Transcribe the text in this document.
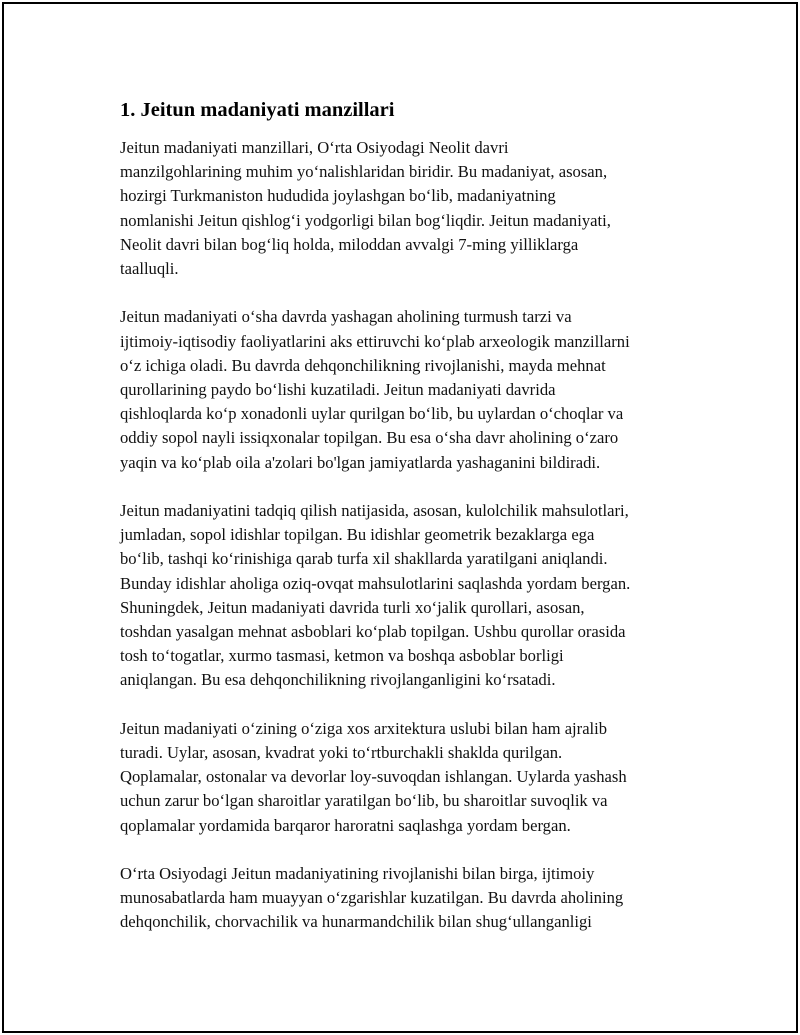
1. Jeitun madaniyati manzillari

Jeitun madaniyati manzillari, Oʻrta Osiyodagi Neolit davri
manzilgohlarining muhim yoʻnalishlaridan biridir. Bu madaniyat, asosan,
hozirgi Turkmaniston hududida joylashgan boʻlib, madaniyatning
nomlanishi Jeitun qishlogʻi yodgorligi bilan bogʻliqdir. Jeitun madaniyati,
Neolit davri bilan bogʻliq holda, miloddan avvalgi 7-ming yilliklarga
taalluqli.

Jeitun madaniyati oʻsha davrda yashagan aholining turmush tarzi va
ijtimoiy-iqtisodiy faoliyatlarini aks ettiruvchi koʻplab arxeologik manzillarni
oʻz ichiga oladi. Bu davrda dehqonchilikning rivojlanishi, mayda mehnat
qurollarining paydo boʻlishi kuzatiladi. Jeitun madaniyati davrida
qishloqlarda koʻp xonadonli uylar qurilgan boʻlib, bu uylardan oʻchoqlar va
oddiy sopol nayli issiqxonalar topilgan. Bu esa oʻsha davr aholining oʻzaro
yaqin va koʻplab oila a'zolari bo'lgan jamiyatlarda yashaganini bildiradi.

Jeitun madaniyatini tadqiq qilish natijasida, asosan, kulolchilik mahsulotlari,
jumladan, sopol idishlar topilgan. Bu idishlar geometrik bezaklarga ega
boʻlib, tashqi koʻrinishiga qarab turfa xil shakllarda yaratilgani aniqlandi.
Bunday idishlar aholiga oziq-ovqat mahsulotlarini saqlashda yordam bergan.
Shuningdek, Jeitun madaniyati davrida turli xoʻjalik qurollari, asosan,
toshdan yasalgan mehnat asboblari koʻplab topilgan. Ushbu qurollar orasida
tosh toʻtogatlar, xurmo tasmasi, ketmon va boshqa asboblar borligi
aniqlangan. Bu esa dehqonchilikning rivojlanganligini koʻrsatadi.

Jeitun madaniyati oʻzining oʻziga xos arxitektura uslubi bilan ham ajralib
turadi. Uylar, asosan, kvadrat yoki toʻrtburchakli shaklda qurilgan.
Qoplamalar, ostonalar va devorlar loy-suvoqdan ishlangan. Uylarda yashash
uchun zarur boʻlgan sharoitlar yaratilgan boʻlib, bu sharoitlar suvoqlik va
qoplamalar yordamida barqaror haroratni saqlashga yordam bergan.

Oʻrta Osiyodagi Jeitun madaniyatining rivojlanishi bilan birga, ijtimoiy
munosabatlarda ham muayyan oʻzgarishlar kuzatilgan. Bu davrda aholining
dehqonchilik, chorvachilik va hunarmandchilik bilan shugʻullanganligi
